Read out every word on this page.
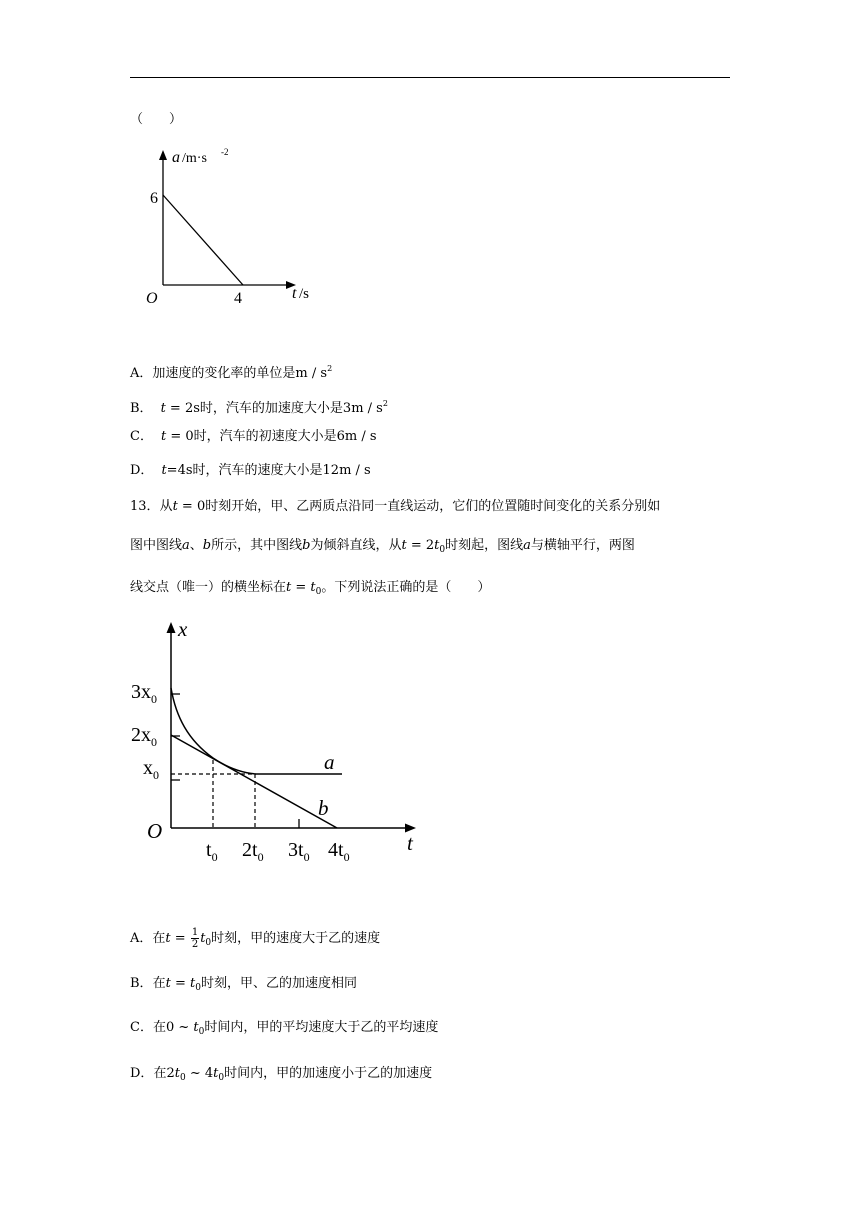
（　　）
a /m·s -2
6
4
O	t /s
A．加速度的变化率的单位是m / $s^2$
B． t = 2s时，汽车的加速度大小是$3m / s^2$
C． t = 0时，汽车的初速度大小是6m / s
D． t=4s时，汽车的速度大小是12m / s
13．从t = 0时刻开始，甲、乙两质点沿同一直线运动，它们的位置随时间变化的关系分别如
图中图线a、b所示，其中图线b为倾斜直线，从$t = 2t_0$时刻起，图线a与横轴平行，两图
线交点（唯一）的横坐标在$t = t_0$。下列说法正确的是（　　）
x
$3x_0$
$2x_0$
$x_0$
O
$t_0$ $2t_0$ $3t_0$ $4t_0$
t
a
b
A．在$t = \frac{1}{2} t_0$时刻，甲的速度大于乙的速度
B．在$t = t_0$时刻，甲、乙的加速度相同
C．在0 ~ $t_0$时间内，甲的平均速度大于乙的平均速度
D．在$2t_0$ ~ $4t_0$时间内，甲的加速度小于乙的加速度
